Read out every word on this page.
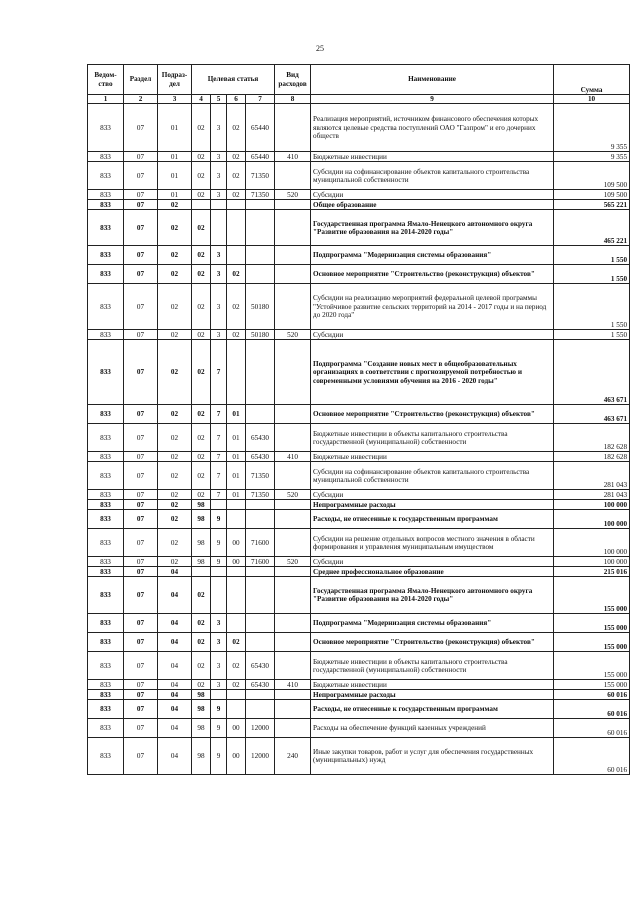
25
Ведом-ство	Раздел	Подраз-дел	Целевая статья				Вид расходов	Наименование	Сумма
1	2	3	4	5	6	7	8	9	10
833	07	01	02	3	02	65440		Реализация мероприятий, источником финансового обеспечения которых являются целевые средства поступлений ОАО "Газпром" и его дочерних обществ	9 355
833	07	01	02	3	02	65440	410	Бюджетные инвестиции	9 355
833	07	01	02	3	02	71350		Субсидии на софинансирование объектов капитального строительства муниципальной собственности	109 500
833	07	01	02	3	02	71350	520	Субсидии	109 500
833	07	02						Общее образование	565 221
833	07	02	02					Государственная программа Ямало-Ненецкого автономного округа "Развитие образования на 2014-2020 годы"	465 221
833	07	02	02	3				Подпрограмма "Модернизация системы образования"	1 550
833	07	02	02	3	02			Основное мероприятие "Строительство (реконструкция) объектов"	1 550
833	07	02	02	3	02	50180		Субсидии на реализацию мероприятий федеральной целевой программы "Устойчивое развитие сельских территорий на 2014 - 2017 годы и на период до 2020 года"	1 550
833	07	02	02	3	02	50180	520	Субсидии	1 550
833	07	02	02	7				Подпрограмма "Создание новых мест в общеобразовательных организациях в соответствии с прогнозируемой потребностью и современными условиями обучения на 2016 - 2020 годы"	463 671
833	07	02	02	7	01			Основное мероприятие "Строительство (реконструкция) объектов"	463 671
833	07	02	02	7	01	65430		Бюджетные инвестиции в объекты капитального строительства государственной (муниципальной) собственности	182 628
833	07	02	02	7	01	65430	410	Бюджетные инвестиции	182 628
833	07	02	02	7	01	71350		Субсидии на софинансирование объектов капитального строительства муниципальной собственности	281 043
833	07	02	02	7	01	71350	520	Субсидии	281 043
833	07	02	98					Непрограммные расходы	100 000
833	07	02	98	9				Расходы, не отнесенные к государственным программам	100 000
833	07	02	98	9	00	71600		Субсидии на решение отдельных вопросов местного значения в области формирования и управления муниципальным имуществом	100 000
833	07	02	98	9	00	71600	520	Субсидии	100 000
833	07	04						Среднее профессиональное образование	215 016
833	07	04	02					Государственная программа Ямало-Ненецкого автономного округа "Развитие образования на 2014-2020 годы"	155 000
833	07	04	02	3				Подпрограмма "Модернизация системы образования"	155 000
833	07	04	02	3	02			Основное мероприятие "Строительство (реконструкция) объектов"	155 000
833	07	04	02	3	02	65430		Бюджетные инвестиции в объекты капитального строительства государственной (муниципальной) собственности	155 000
833	07	04	02	3	02	65430	410	Бюджетные инвестиции	155 000
833	07	04	98					Непрограммные расходы	60 016
833	07	04	98	9				Расходы, не отнесенные к государственным программам	60 016
833	07	04	98	9	00	12000		Расходы на обеспечение функций казенных учреждений	60 016
833	07	04	98	9	00	12000	240	Иные закупки товаров, работ и услуг для обеспечения государственных (муниципальных) нужд	60 016
